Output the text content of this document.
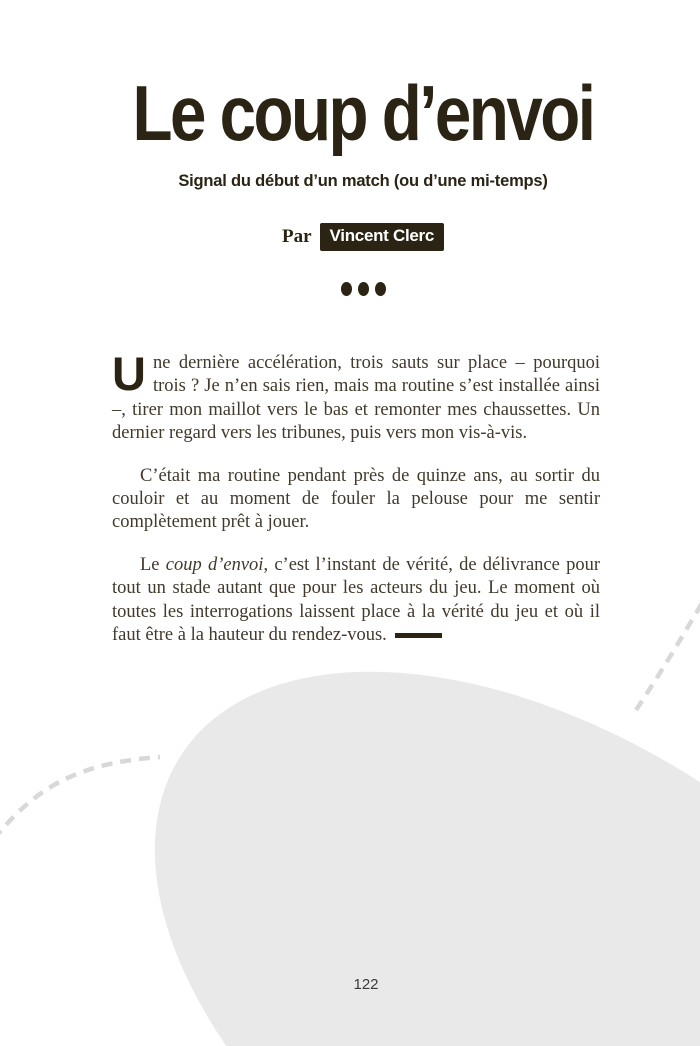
Le coup d’envoi
Signal du début d’un match (ou d’une mi-temps)
Par	Vincent Clerc

Une dernière accélération, trois sauts sur place – pourquoi trois ? Je n’en sais rien, mais ma routine s’est installée ainsi –, tirer mon maillot vers le bas et remonter mes chaussettes. Un dernier regard vers les tribunes, puis vers mon vis-à-vis.

C’était ma routine pendant près de quinze ans, au sortir du couloir et au moment de fouler la pelouse pour me sentir complètement prêt à jouer.

Le coup d’envoi, c’est l’instant de vérité, de délivrance pour tout un stade autant que pour les acteurs du jeu. Le moment où toutes les interrogations laissent place à la vérité du jeu et où il faut être à la hauteur du rendez-vous.

122
